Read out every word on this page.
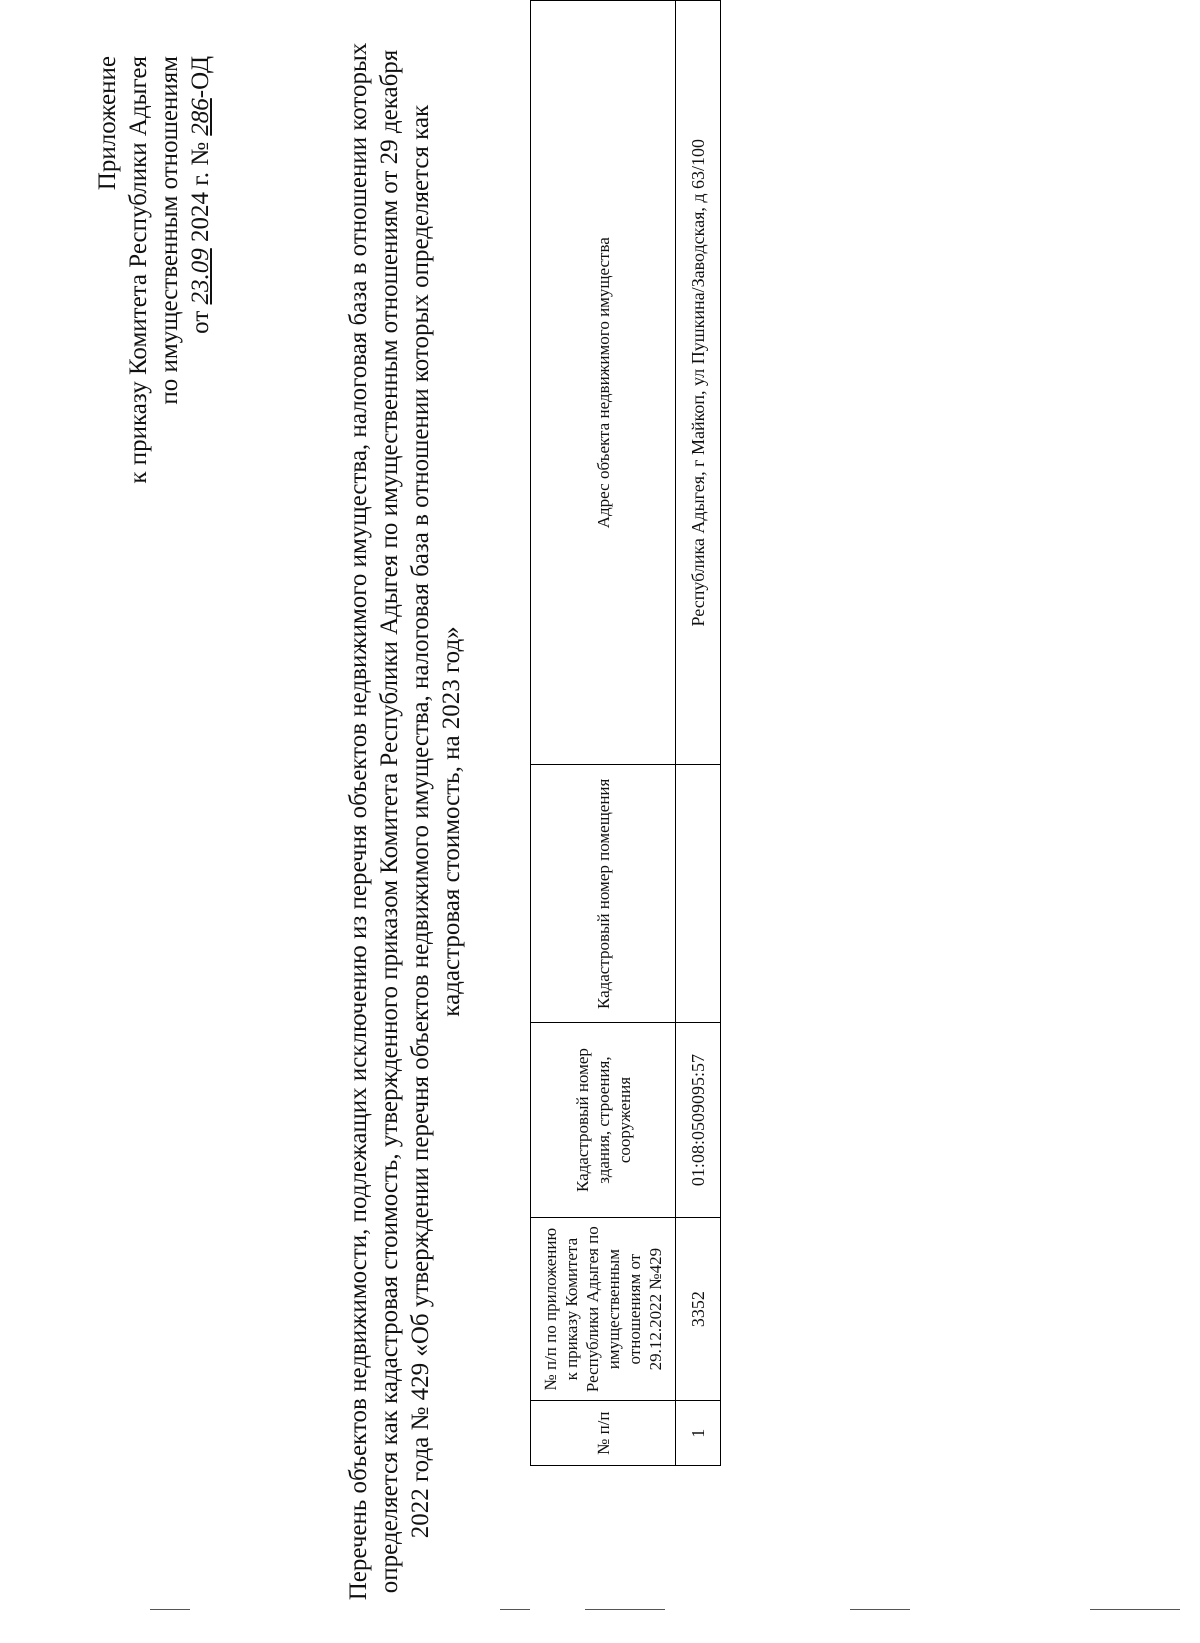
Приложение к приказу Комитета Республики Адыгея по имущественным отношениям от 23.09 2024 г. № 286-ОД	Перечень объектов недвижимости, подлежащих исключению из перечня объектов недвижимого имущества, налоговая база в отношении которых определяется как кадастровая стоимость, утвержденного приказом Комитета Республики Адыгея по имущественным отношениям от 29 декабря 2022 года № 429 «Об утверждении перечня объектов недвижимого имущества, налоговая база в отношении которых определяется как кадастровая стоимость, на 2023 год»
№ п/п	№ п/п по приложению к приказу Комитета Республики Адыгея по имущественным отношениям от 29.12.2022 №429	Кадастровый номер здания, строения, сооружения	Кадастровый номер помещения	Адрес объекта недвижимого имущества
1	3352	01:08:0509095:57		Республика Адыгея, г Майкоп, ул Пушкина/Заводская, д 63/100
